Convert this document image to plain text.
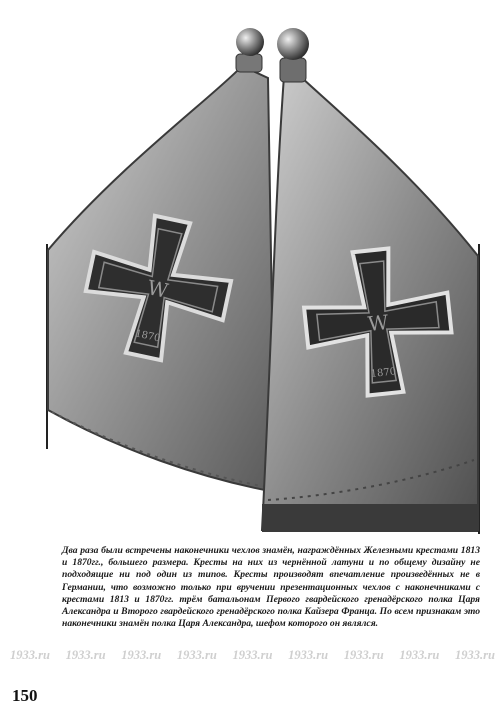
W
1870
W
1870

Два раза были встречены наконечники чехлов знамён, награждённых Железными крестами 1813 и 1870гг., большего размера. Кресты на них из чернённой латуни и по общему дизайну не подходящие ни под один из типов. Кресты производят впечатление произведённых не в Германии, что возможно только при вручении презентационных чехлов с наконечниками с крестами 1813 и 1870гг. трём батальонам Первого гвардейского гренадёрского полка Царя Александра и Второго гвардейского гренадёрского полка Кайзера Франца. По всем признакам это наконечники знамён полка Царя Александра, шефом которого он являлся.

1933.ru 1933.ru 1933.ru 1933.ru 1933.ru 1933.ru 1933.ru 1933.ru 1933.ru
150
